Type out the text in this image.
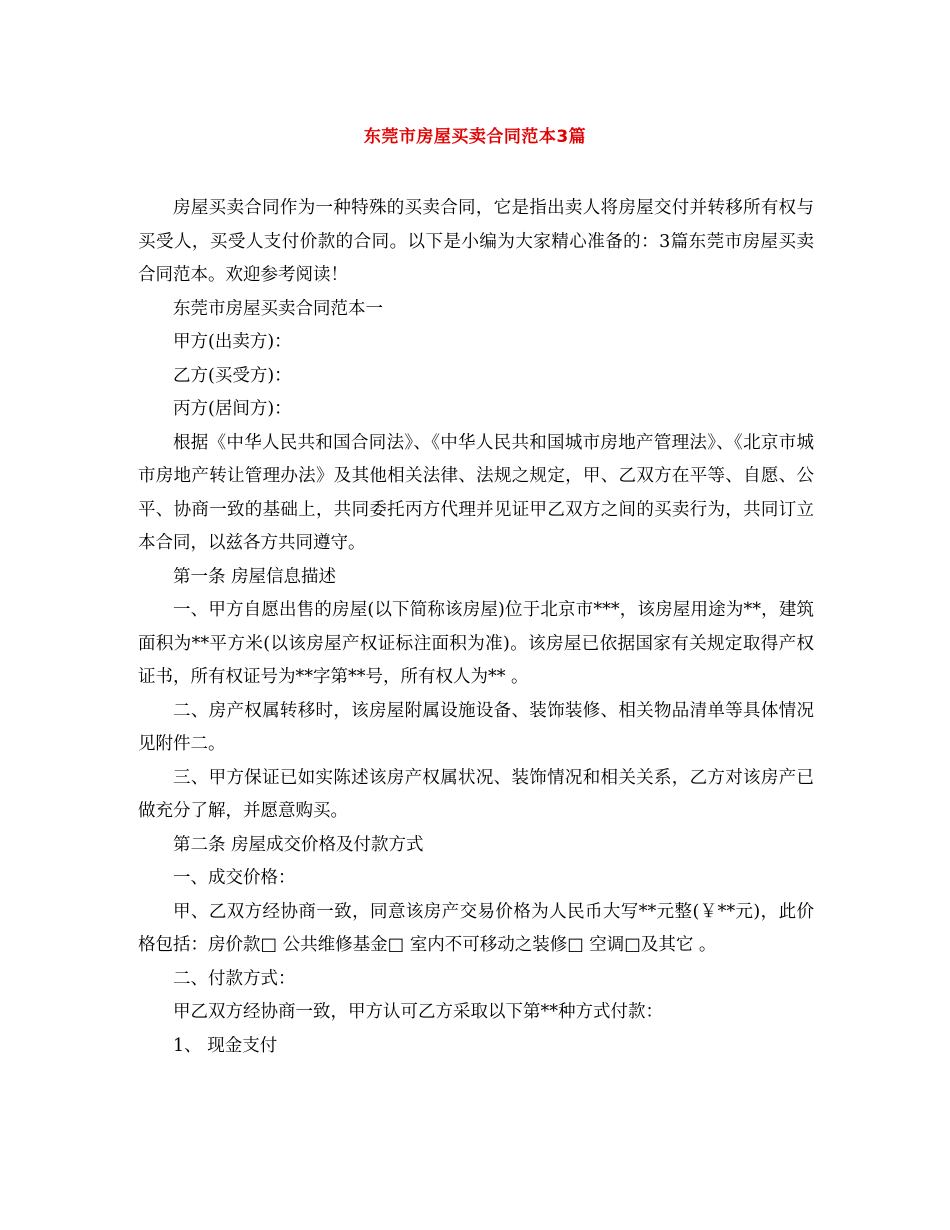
东莞市房屋买卖合同范本3篇

房屋买卖合同作为一种特殊的买卖合同，它是指出卖人将房屋交付并转移所有权与买受人，买受人支付价款的合同。以下是小编为大家精心准备的：3篇东莞市房屋买卖合同范本。欢迎参考阅读！

东莞市房屋买卖合同范本一

甲方(出卖方)：

乙方(买受方)：

丙方(居间方)：

根据《中华人民共和国合同法》、《中华人民共和国城市房地产管理法》、《北京市城市房地产转让管理办法》及其他相关法律、法规之规定，甲、乙双方在平等、自愿、公平、协商一致的基础上，共同委托丙方代理并见证甲乙双方之间的买卖行为，共同订立本合同，以兹各方共同遵守。

第一条 房屋信息描述

一、甲方自愿出售的房屋(以下简称该房屋)位于北京市***，该房屋用途为**，建筑面积为**平方米(以该房屋产权证标注面积为准)。该房屋已依据国家有关规定取得产权证书，所有权证号为**字第**号，所有权人为** 。

二、房产权属转移时，该房屋附属设施设备、装饰装修、相关物品清单等具体情况见附件二。

三、甲方保证已如实陈述该房产权属状况、装饰情况和相关关系，乙方对该房产已做充分了解，并愿意购买。

第二条 房屋成交价格及付款方式

一、成交价格：

甲、乙双方经协商一致，同意该房产交易价格为人民币大写**元整(￥**元)，此价格包括：房价款□ 公共维修基金□ 室内不可移动之装修□ 空调□及其它 。

二、付款方式：

甲乙双方经协商一致，甲方认可乙方采取以下第**种方式付款：

1、 现金支付
